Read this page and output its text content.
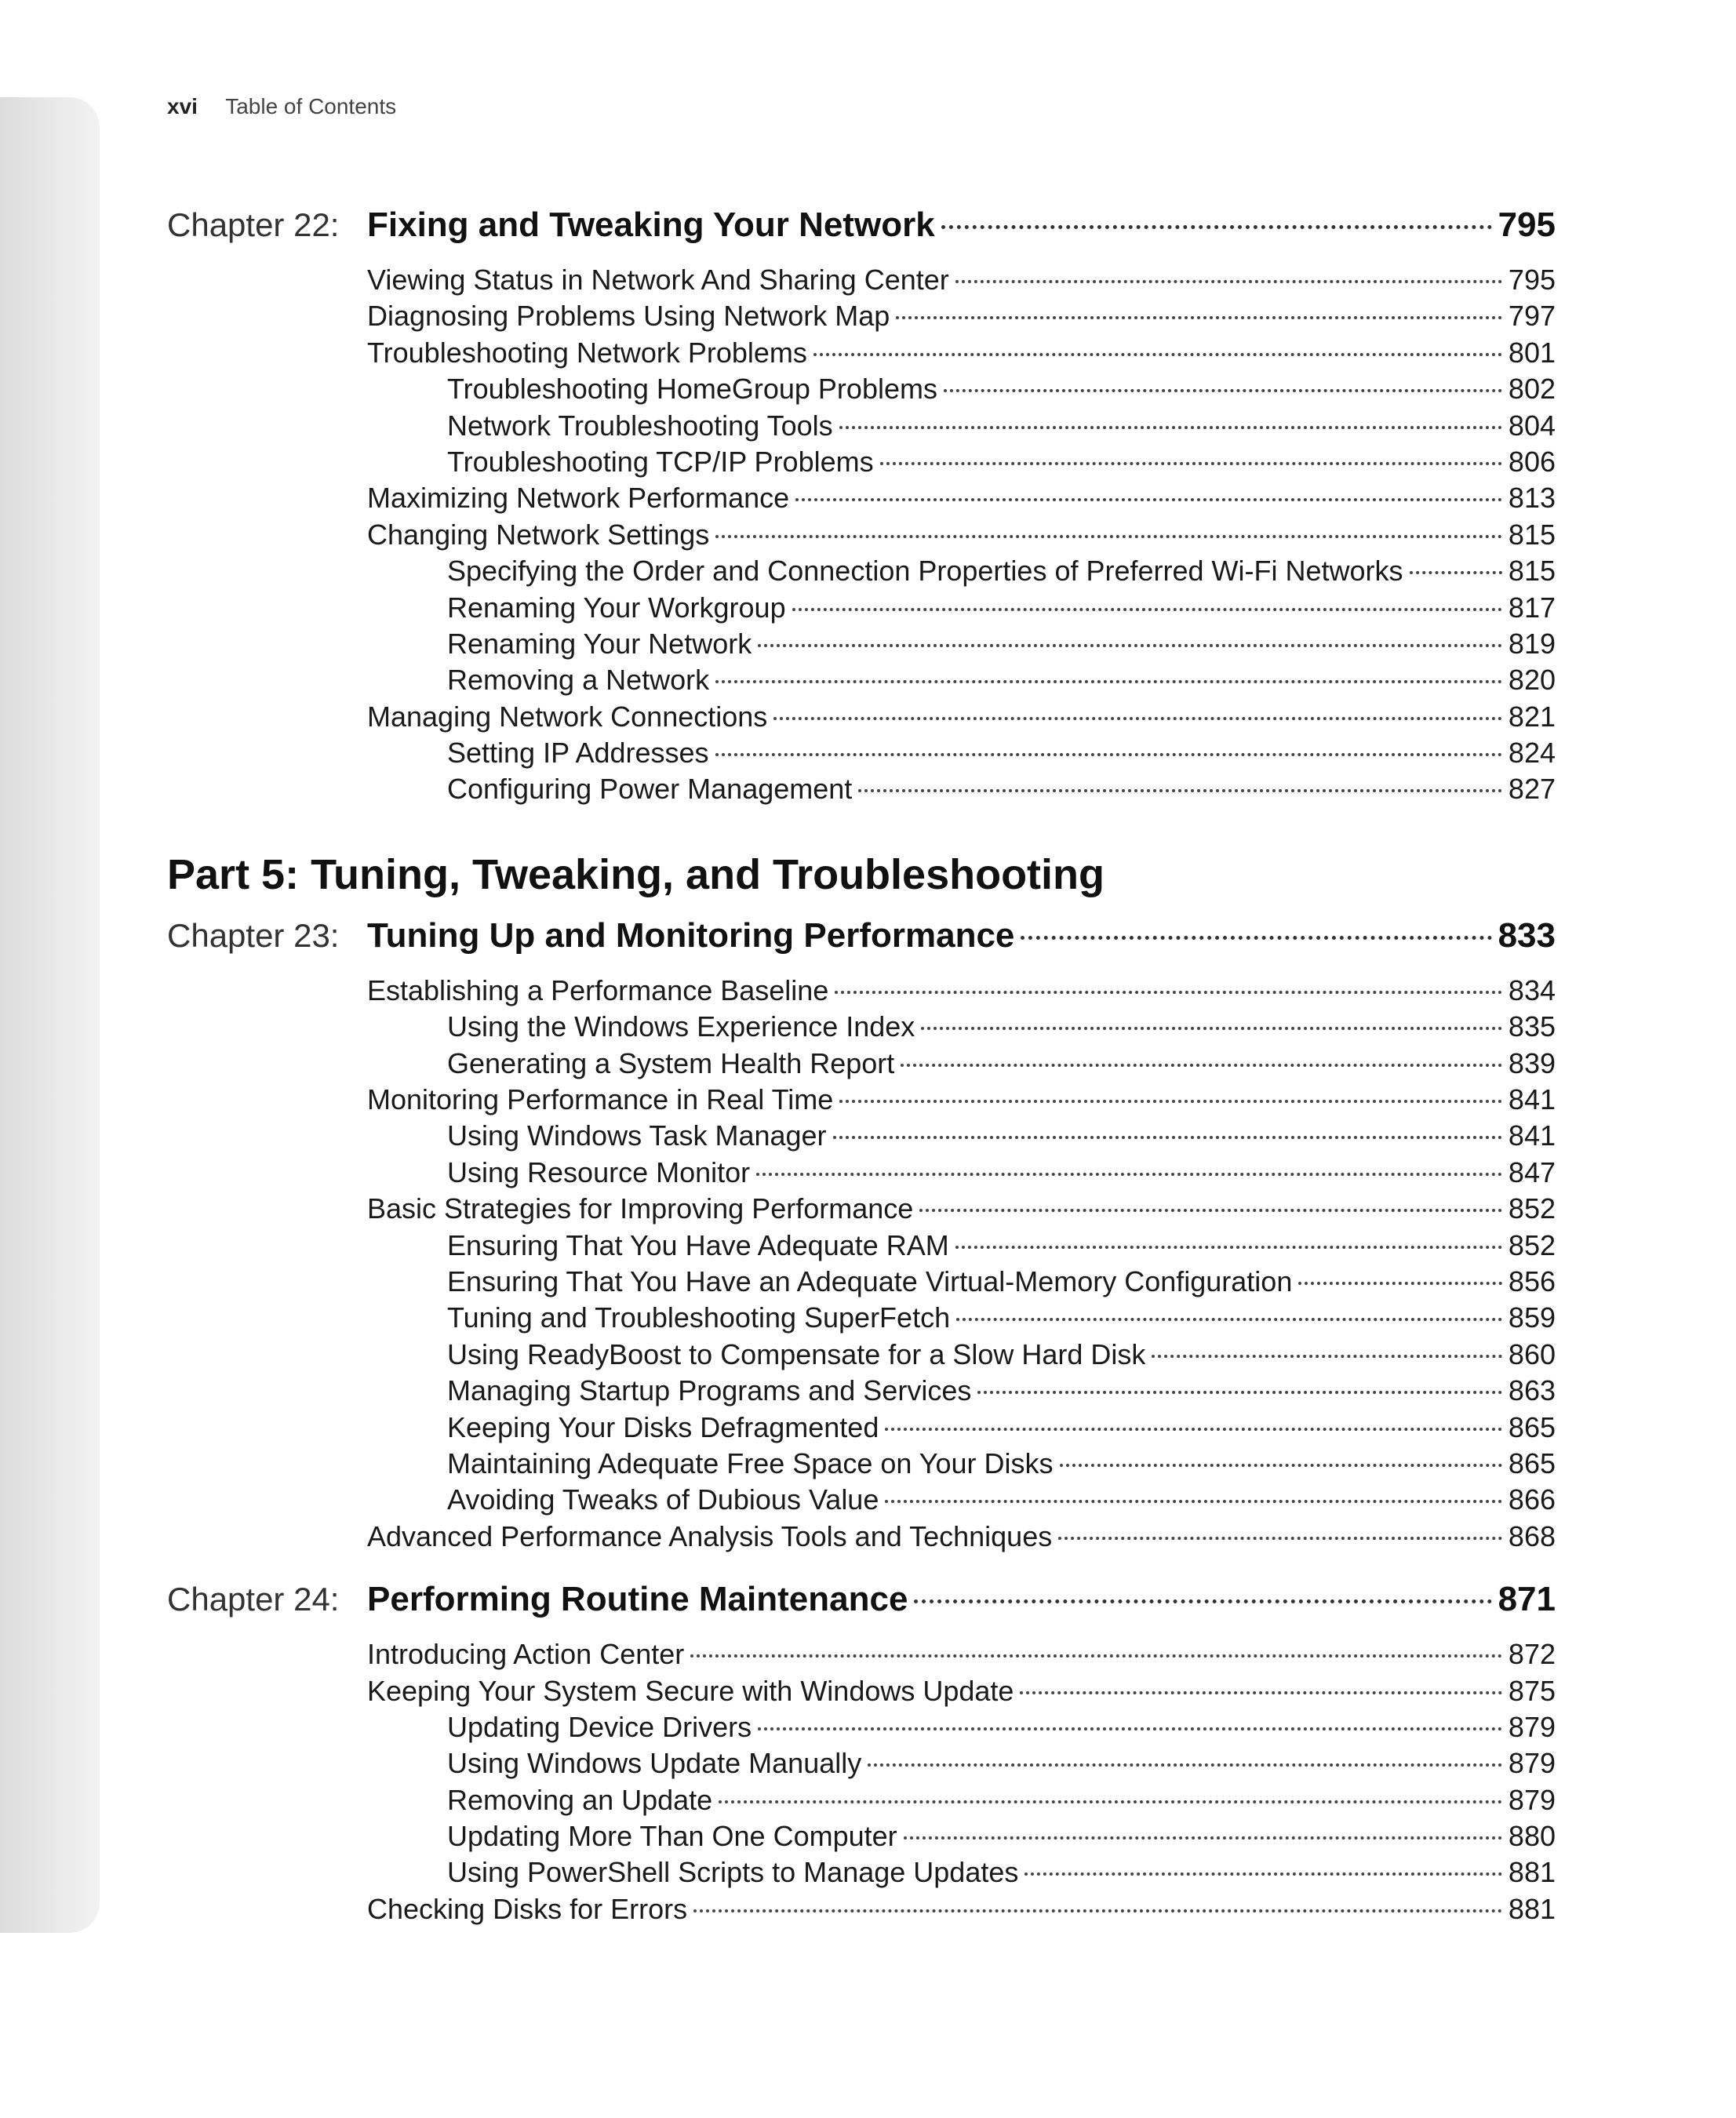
xvi Table of Contents
Chapter 22: Fixing and Tweaking Your Network	795
Viewing Status in Network And Sharing Center	795
Diagnosing Problems Using Network Map	797
Troubleshooting Network Problems	801
Troubleshooting HomeGroup Problems	802
Network Troubleshooting Tools	804
Troubleshooting TCP/IP Problems	806
Maximizing Network Performance	813
Changing Network Settings	815
Specifying the Order and Connection Properties of Preferred Wi-Fi Networks	815
Renaming Your Workgroup	817
Renaming Your Network	819
Removing a Network	820
Managing Network Connections	821
Setting IP Addresses	824
Configuring Power Management	827
Part 5: Tuning, Tweaking, and Troubleshooting
Chapter 23: Tuning Up and Monitoring Performance	833
Establishing a Performance Baseline	834
Using the Windows Experience Index	835
Generating a System Health Report	839
Monitoring Performance in Real Time	841
Using Windows Task Manager	841
Using Resource Monitor	847
Basic Strategies for Improving Performance	852
Ensuring That You Have Adequate RAM	852
Ensuring That You Have an Adequate Virtual-Memory Configuration	856
Tuning and Troubleshooting SuperFetch	859
Using ReadyBoost to Compensate for a Slow Hard Disk	860
Managing Startup Programs and Services	863
Keeping Your Disks Defragmented	865
Maintaining Adequate Free Space on Your Disks	865
Avoiding Tweaks of Dubious Value	866
Advanced Performance Analysis Tools and Techniques	868
Chapter 24: Performing Routine Maintenance	871
Introducing Action Center	872
Keeping Your System Secure with Windows Update	875
Updating Device Drivers	879
Using Windows Update Manually	879
Removing an Update	879
Updating More Than One Computer	880
Using PowerShell Scripts to Manage Updates	881
Checking Disks for Errors	881
